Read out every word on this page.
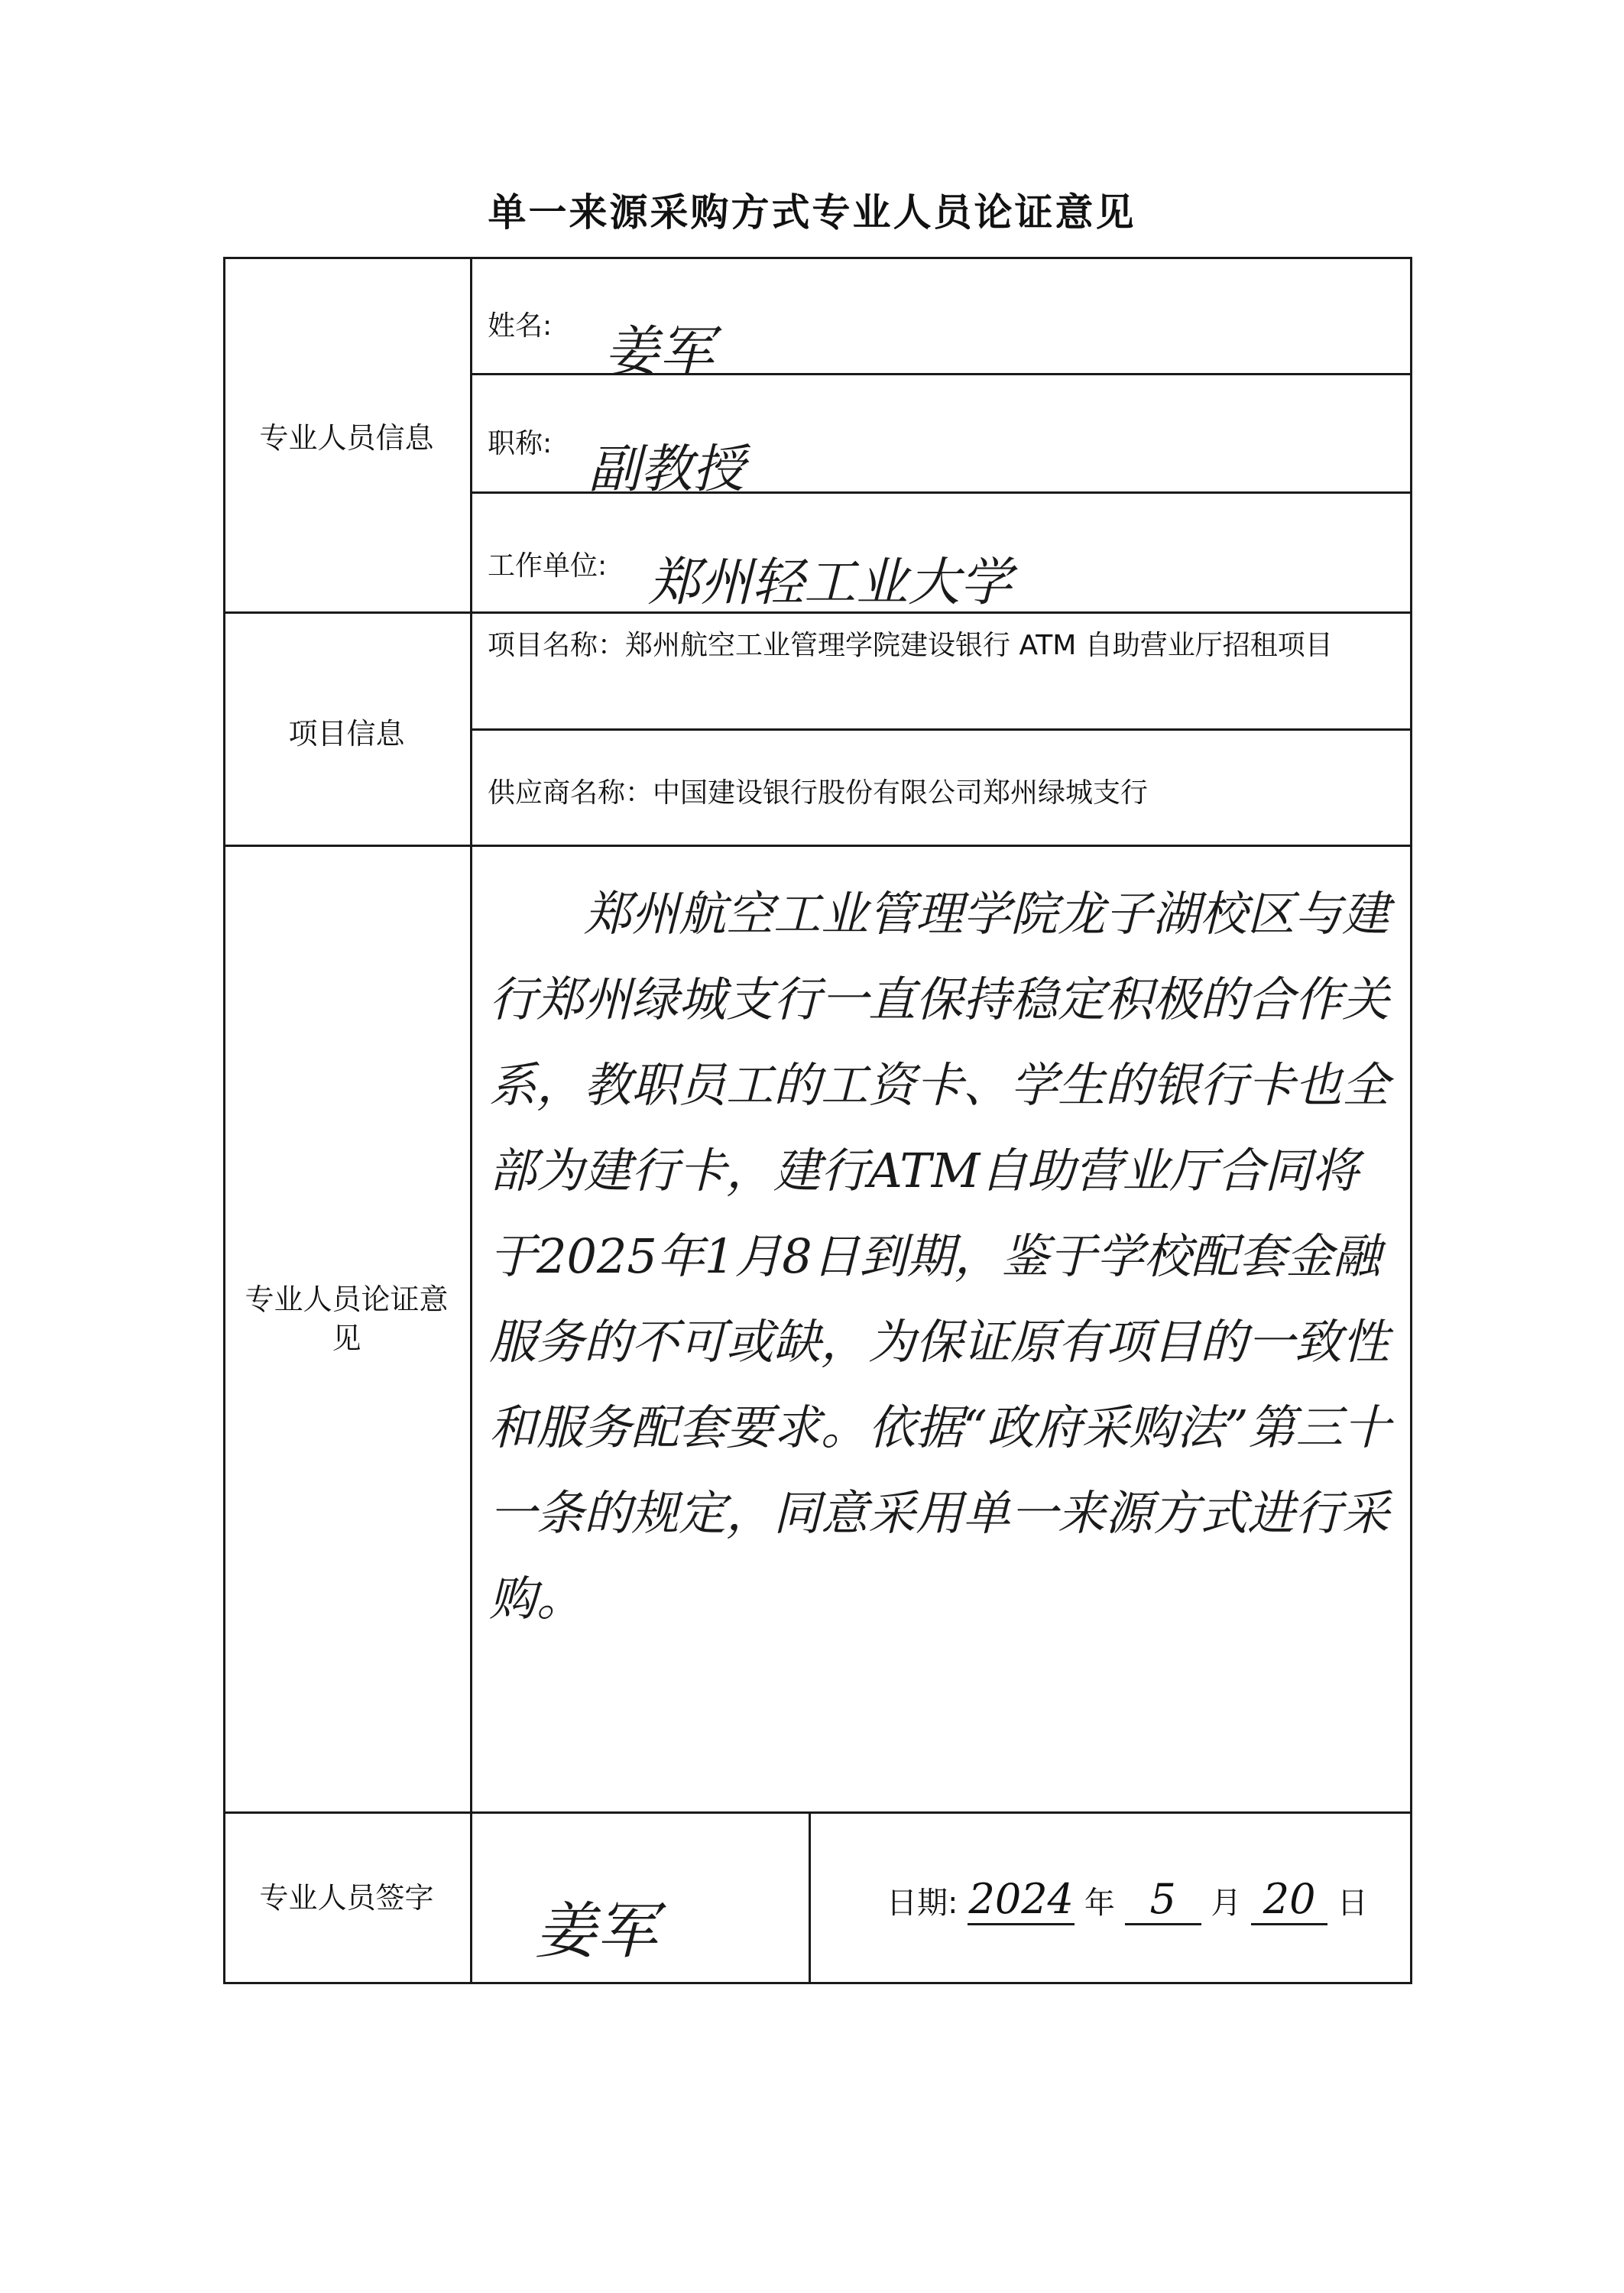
单一来源采购方式专业人员论证意见
专业人员信息
项目信息
专业人员论证意见
专业人员签字
姓名: 姜军
职称: 副教授
工作单位: 郑州轻工业大学
项目名称：郑州航空工业管理学院建设银行 ATM 自助营业厅招租项目
供应商名称：中国建设银行股份有限公司郑州绿城支行
郑州航空工业管理学院龙子湖校区与建行郑州绿城支行一直保持稳定积极的合作关系，教职员工的工资卡、学生的银行卡也全部为建行卡，建行ATM自助营业厅合同将于2025年1月8日到期，鉴于学校配套金融服务的不可或缺，为保证原有项目的一致性和服务配套要求。依据“政府采购法”第三十一条的规定，同意采用单一来源方式进行采购。
姜军	日期: 2024 年 5 月 20 日
